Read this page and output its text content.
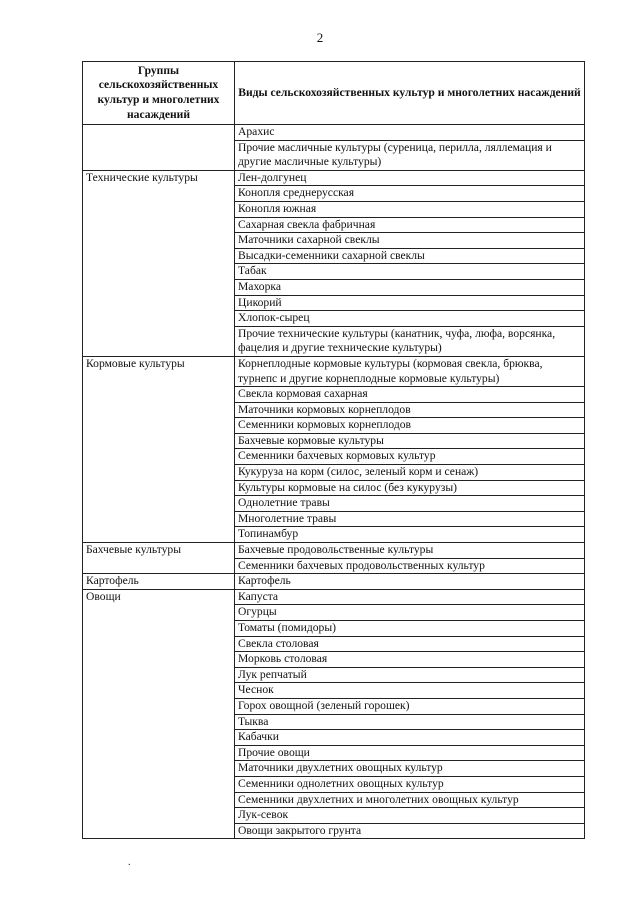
2
Группы сельскохозяйственных культур и многолетних насаждений	Виды сельскохозяйственных культур и многолетних насаждений
	Арахис
	Прочие масличные культуры (суреница, перилла, ляллемация и другие масличные культуры)
Технические культуры	Лен-долгунец
	Конопля среднерусская
	Конопля южная
	Сахарная свекла фабричная
	Маточники сахарной свеклы
	Высадки-семенники сахарной свеклы
	Табак
	Махорка
	Цикорий
	Хлопок-сырец
	Прочие технические культуры (канатник, чуфа, люфа, ворсянка, фацелия и другие технические культуры)
Кормовые культуры	Корнеплодные кормовые культуры (кормовая свекла, брюква, турнепс и другие корнеплодные кормовые культуры)
	Свекла кормовая сахарная
	Маточники кормовых корнеплодов
	Семенники кормовых корнеплодов
	Бахчевые кормовые культуры
	Семенники бахчевых кормовых культур
	Кукуруза на корм (силос, зеленый корм и сенаж)
	Культуры кормовые на силос (без кукурузы)
	Однолетние травы
	Многолетние травы
	Топинамбур
Бахчевые культуры	Бахчевые продовольственные культуры
	Семенники бахчевых продовольственных культур
Картофель	Картофель
Овощи	Капуста
	Огурцы
	Томаты (помидоры)
	Свекла столовая
	Морковь столовая
	Лук репчатый
	Чеснок
	Горох овощной (зеленый горошек)
	Тыква
	Кабачки
	Прочие овощи
	Маточники двухлетних овощных культур
	Семенники однолетних овощных культур
	Семенники двухлетних и многолетних овощных культур
	Лук-севок
	Овощи закрытого грунта
.
